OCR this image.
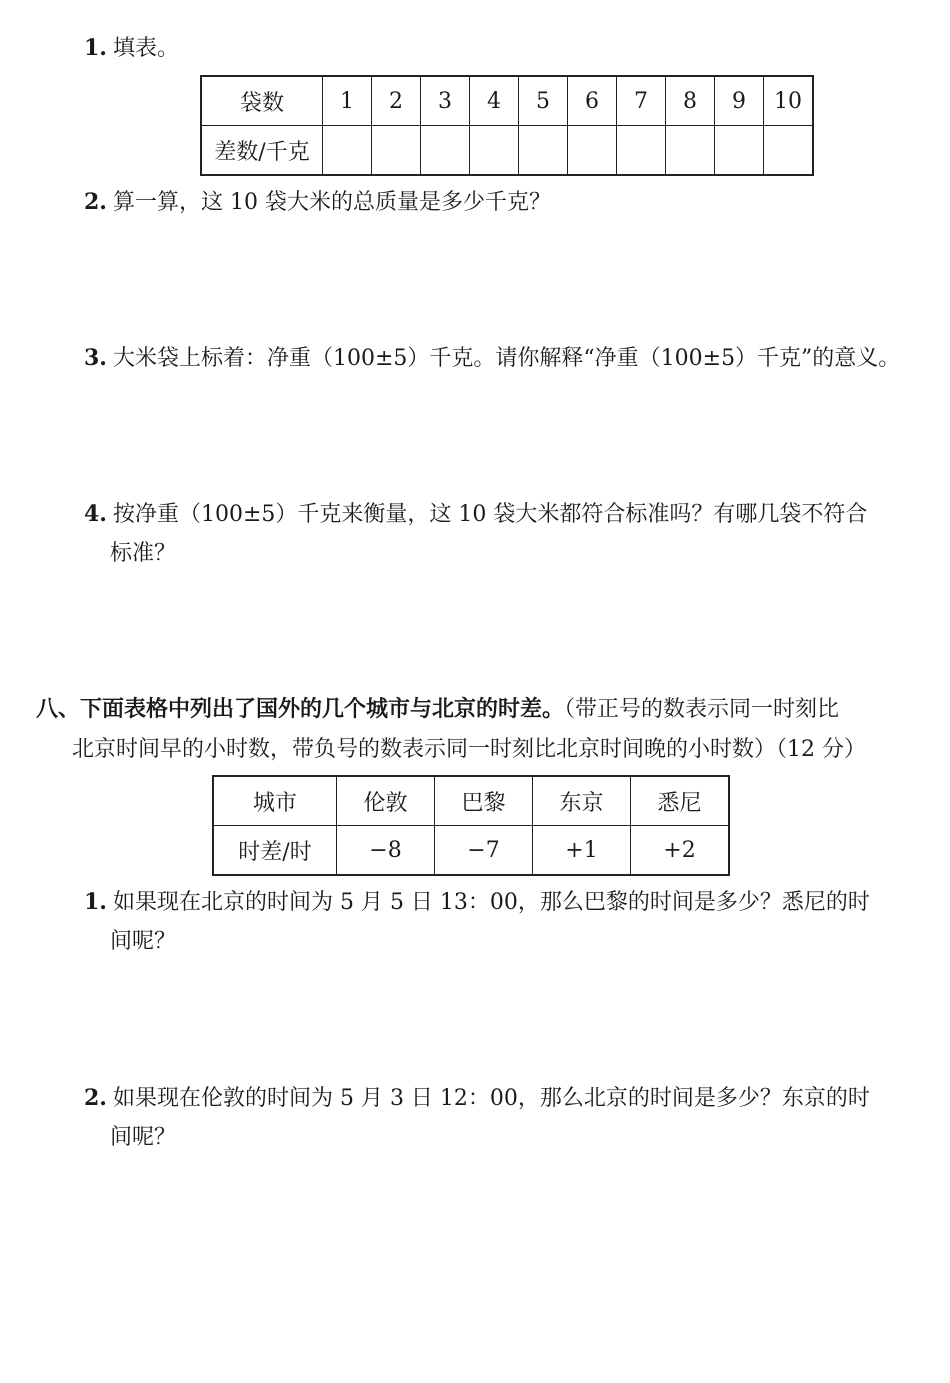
1. 填表。
袋数	1	2	3	4	5	6	7	8	9	10
差数/千克										
2. 算一算，这 10 袋大米的总质量是多少千克？
3. 大米袋上标着：净重（100±5）千克。请你解释“净重（100±5）千克”的意义。
4. 按净重（100±5）千克来衡量，这 10 袋大米都符合标准吗？有哪几袋不符合
标准？
八、下面表格中列出了国外的几个城市与北京的时差。（带正号的数表示同一时刻比
北京时间早的小时数，带负号的数表示同一时刻比北京时间晚的小时数）（12 分）
城市	伦敦	巴黎	东京	悉尼
时差/时	−8	−7	+1	+2
1. 如果现在北京的时间为 5 月 5 日 13：00，那么巴黎的时间是多少？悉尼的时
间呢？
2. 如果现在伦敦的时间为 5 月 3 日 12：00，那么北京的时间是多少？东京的时
间呢？
